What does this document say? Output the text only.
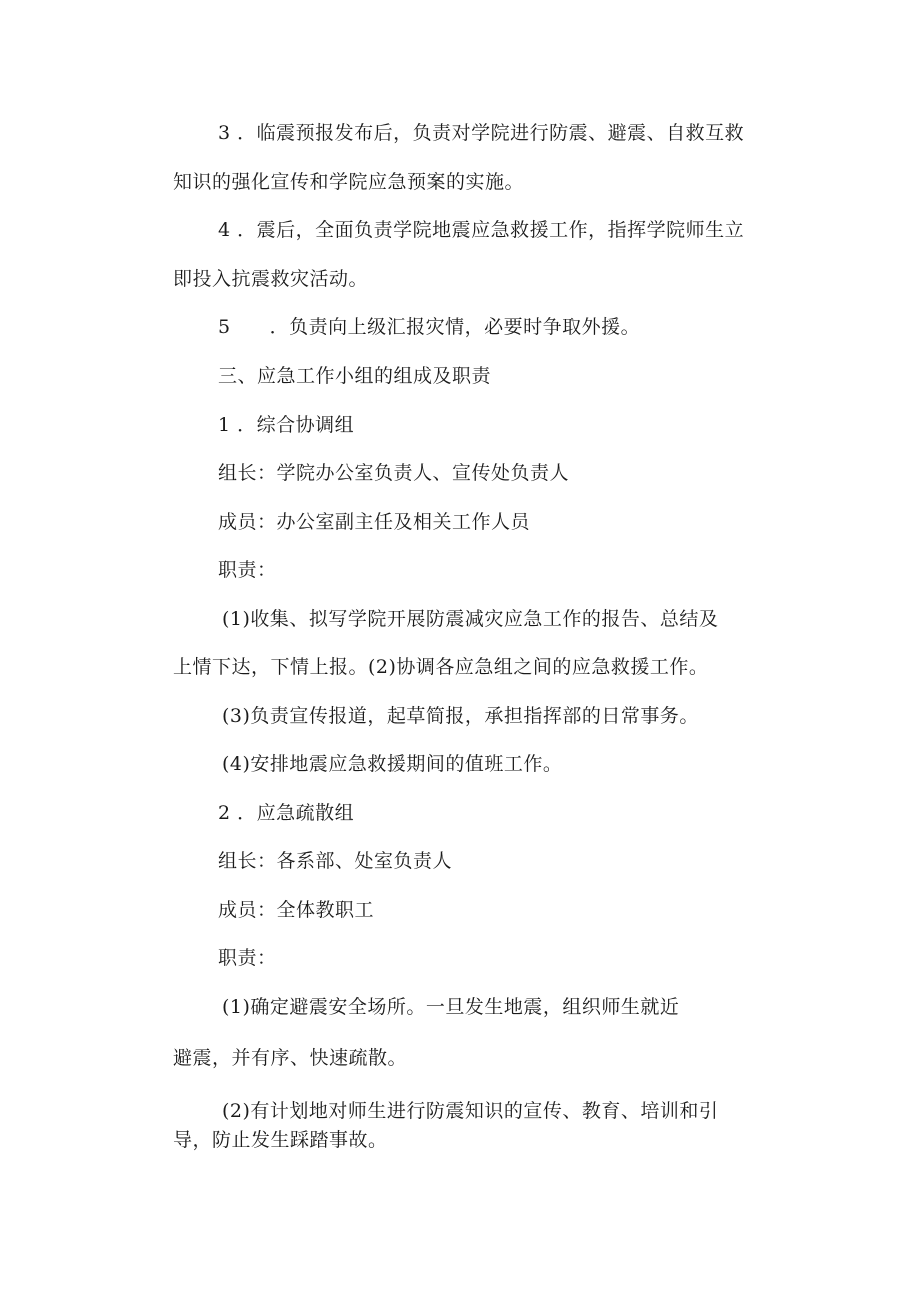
3 ．临震预报发布后，负责对学院进行防震、避震、自救互救
知识的强化宣传和学院应急预案的实施。
4 ．震后，全面负责学院地震应急救援工作，指挥学院师生立
即投入抗震救灾活动。
5　　．负责向上级汇报灾情，必要时争取外援。
三、应急工作小组的组成及职责
1 ．综合协调组
组长：学院办公室负责人、宣传处负责人
成员：办公室副主任及相关工作人员
职责：
(1)收集、拟写学院开展防震减灾应急工作的报告、总结及
上情下达，下情上报。(2)协调各应急组之间的应急救援工作。
(3)负责宣传报道，起草简报，承担指挥部的日常事务。
(4)安排地震应急救援期间的值班工作。
2 ．应急疏散组
组长：各系部、处室负责人
成员：全体教职工
职责：
(1)确定避震安全场所。一旦发生地震，组织师生就近
避震，并有序、快速疏散。
(2)有计划地对师生进行防震知识的宣传、教育、培训和引
导，防止发生踩踏事故。
